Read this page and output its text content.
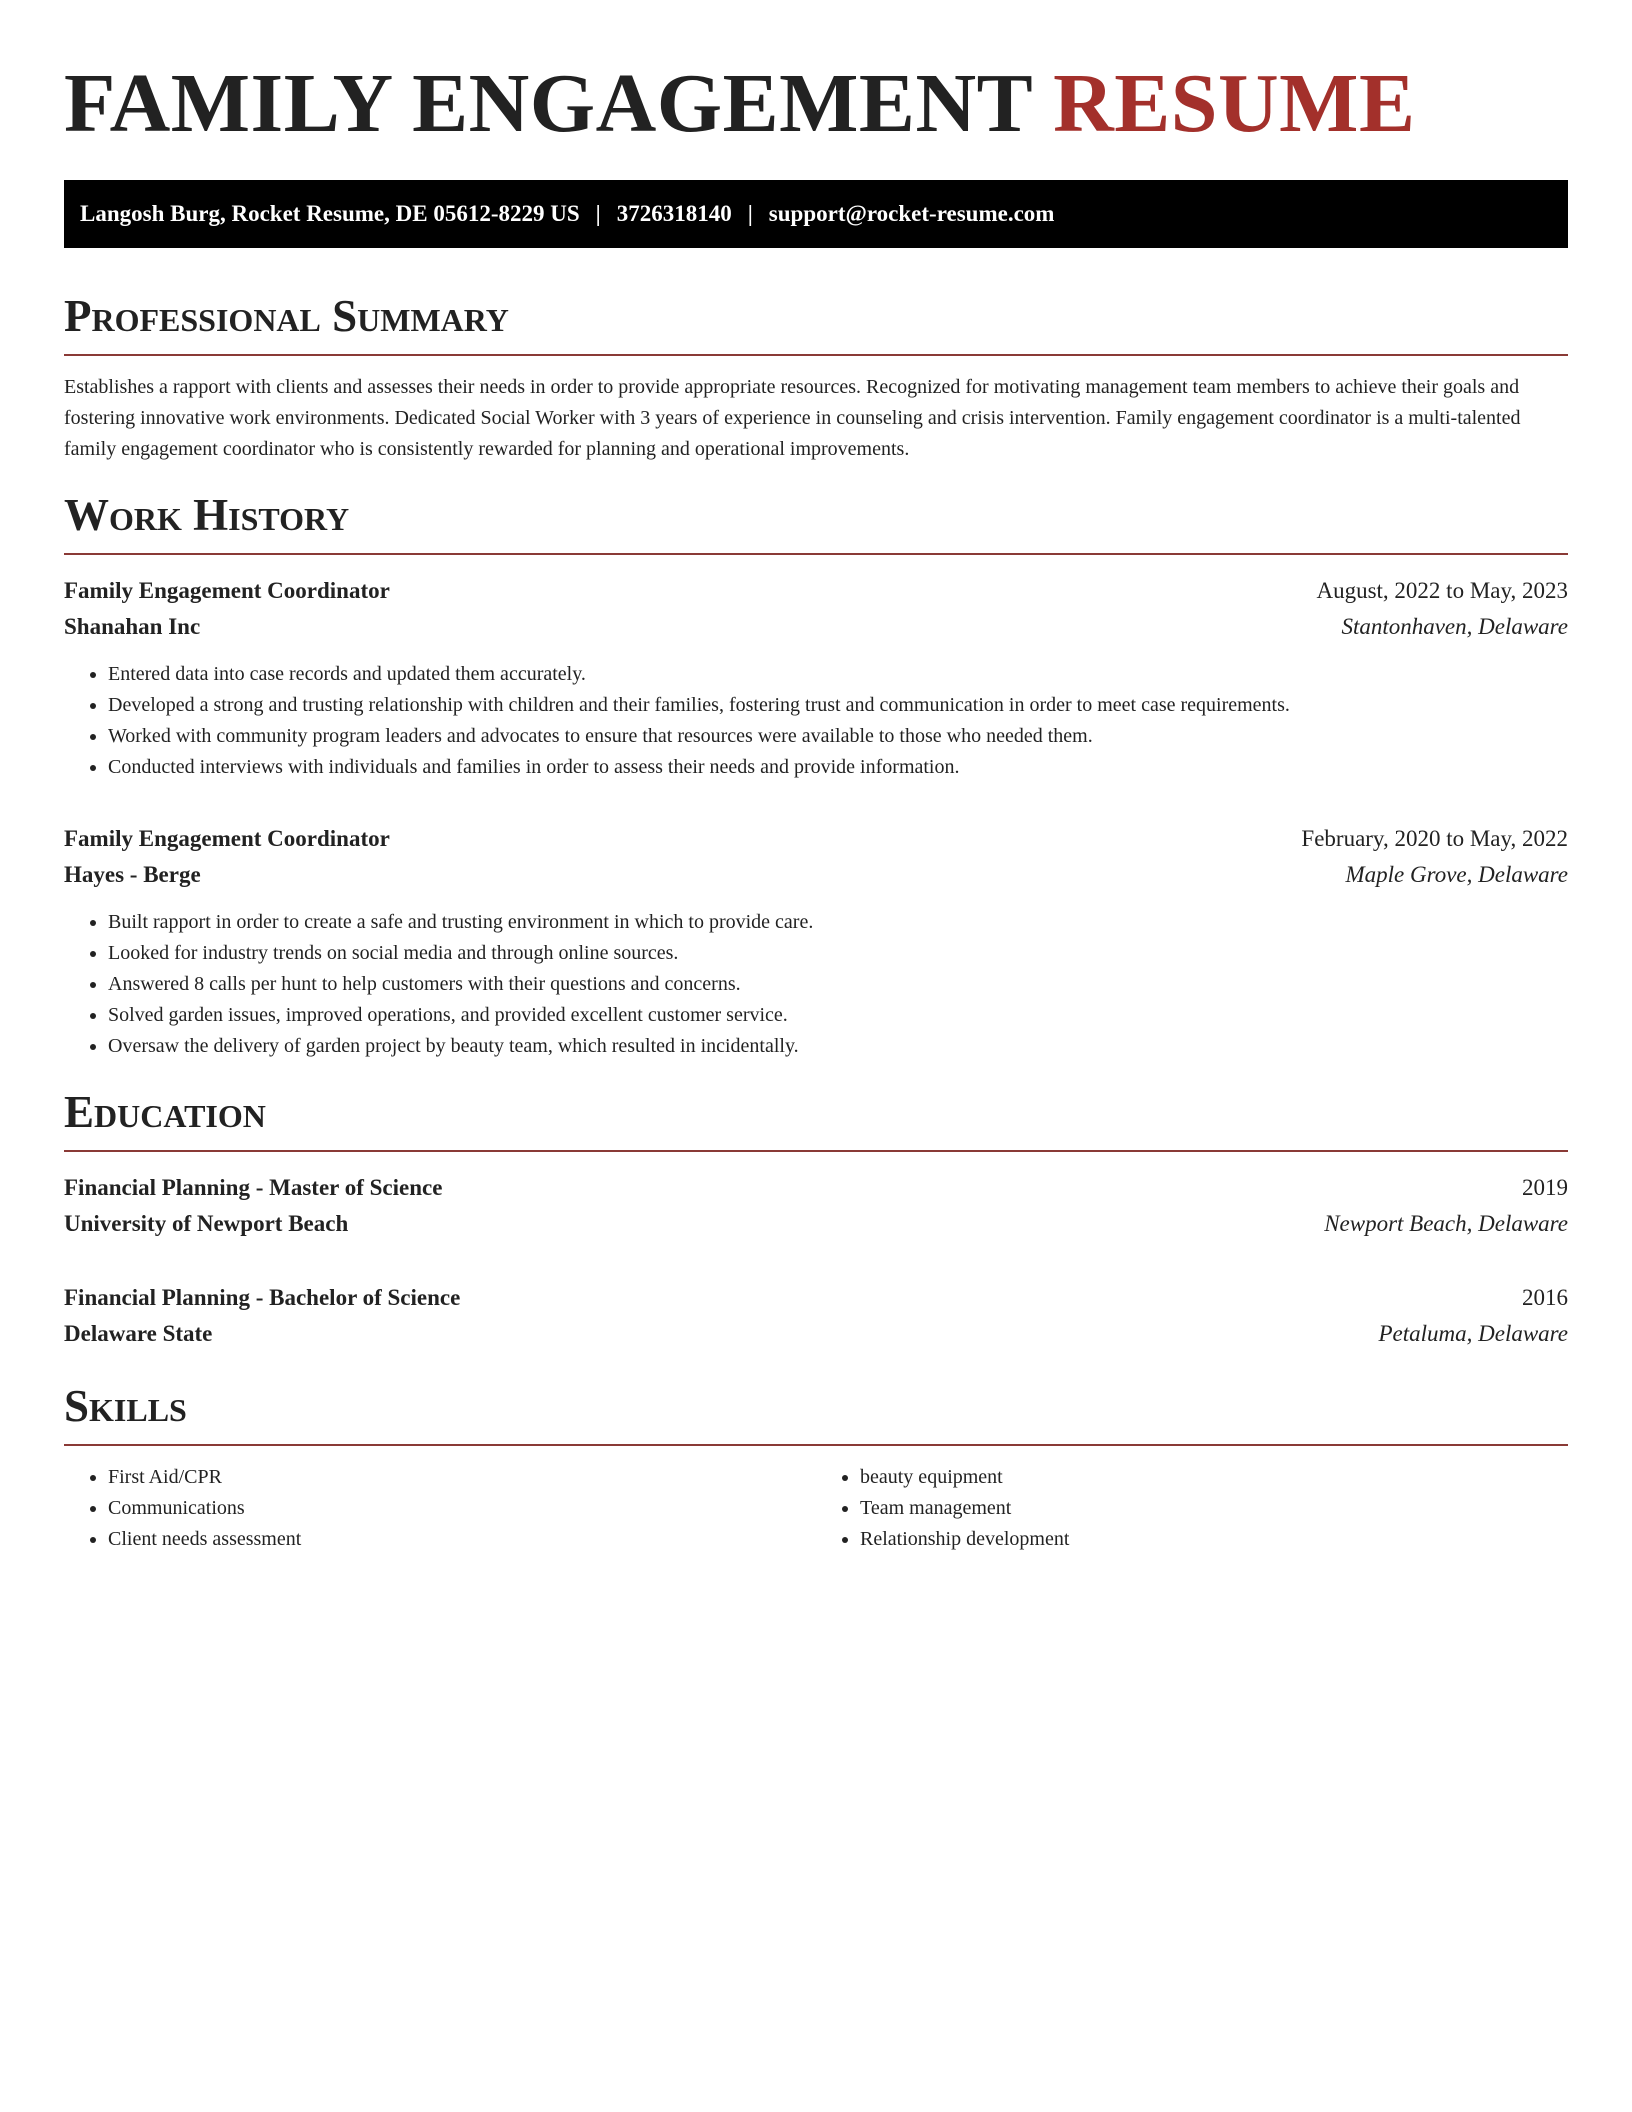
FAMILY ENGAGEMENT RESUME
Langosh Burg, Rocket Resume, DE 05612-8229 US | 3726318140 | support@rocket-resume.com
Professional Summary

Establishes a rapport with clients and assesses their needs in order to provide appropriate resources. Recognized for motivating management team members to achieve their goals and fostering innovative work environments. Dedicated Social Worker with 3 years of experience in counseling and crisis intervention. Family engagement coordinator is a multi-talented family engagement coordinator who is consistently rewarded for planning and operational improvements.

Work History
Family Engagement Coordinator	August, 2022 to May, 2023
Shanahan Inc	Stantonhaven, Delaware
• Entered data into case records and updated them accurately.
• Developed a strong and trusting relationship with children and their families, fostering trust and communication in order to meet case requirements.
• Worked with community program leaders and advocates to ensure that resources were available to those who needed them.
• Conducted interviews with individuals and families in order to assess their needs and provide information.
Family Engagement Coordinator	February, 2020 to May, 2022
Hayes - Berge	Maple Grove, Delaware
• Built rapport in order to create a safe and trusting environment in which to provide care.
• Looked for industry trends on social media and through online sources.
• Answered 8 calls per hunt to help customers with their questions and concerns.
• Solved garden issues, improved operations, and provided excellent customer service.
• Oversaw the delivery of garden project by beauty team, which resulted in incidentally.
Education
Financial Planning - Master of Science	2019
University of Newport Beach	Newport Beach, Delaware
Financial Planning - Bachelor of Science	2016
Delaware State	Petaluma, Delaware
Skills
• First Aid/CPR
• Communications
• Client needs assessment
• beauty equipment
• Team management
• Relationship development
